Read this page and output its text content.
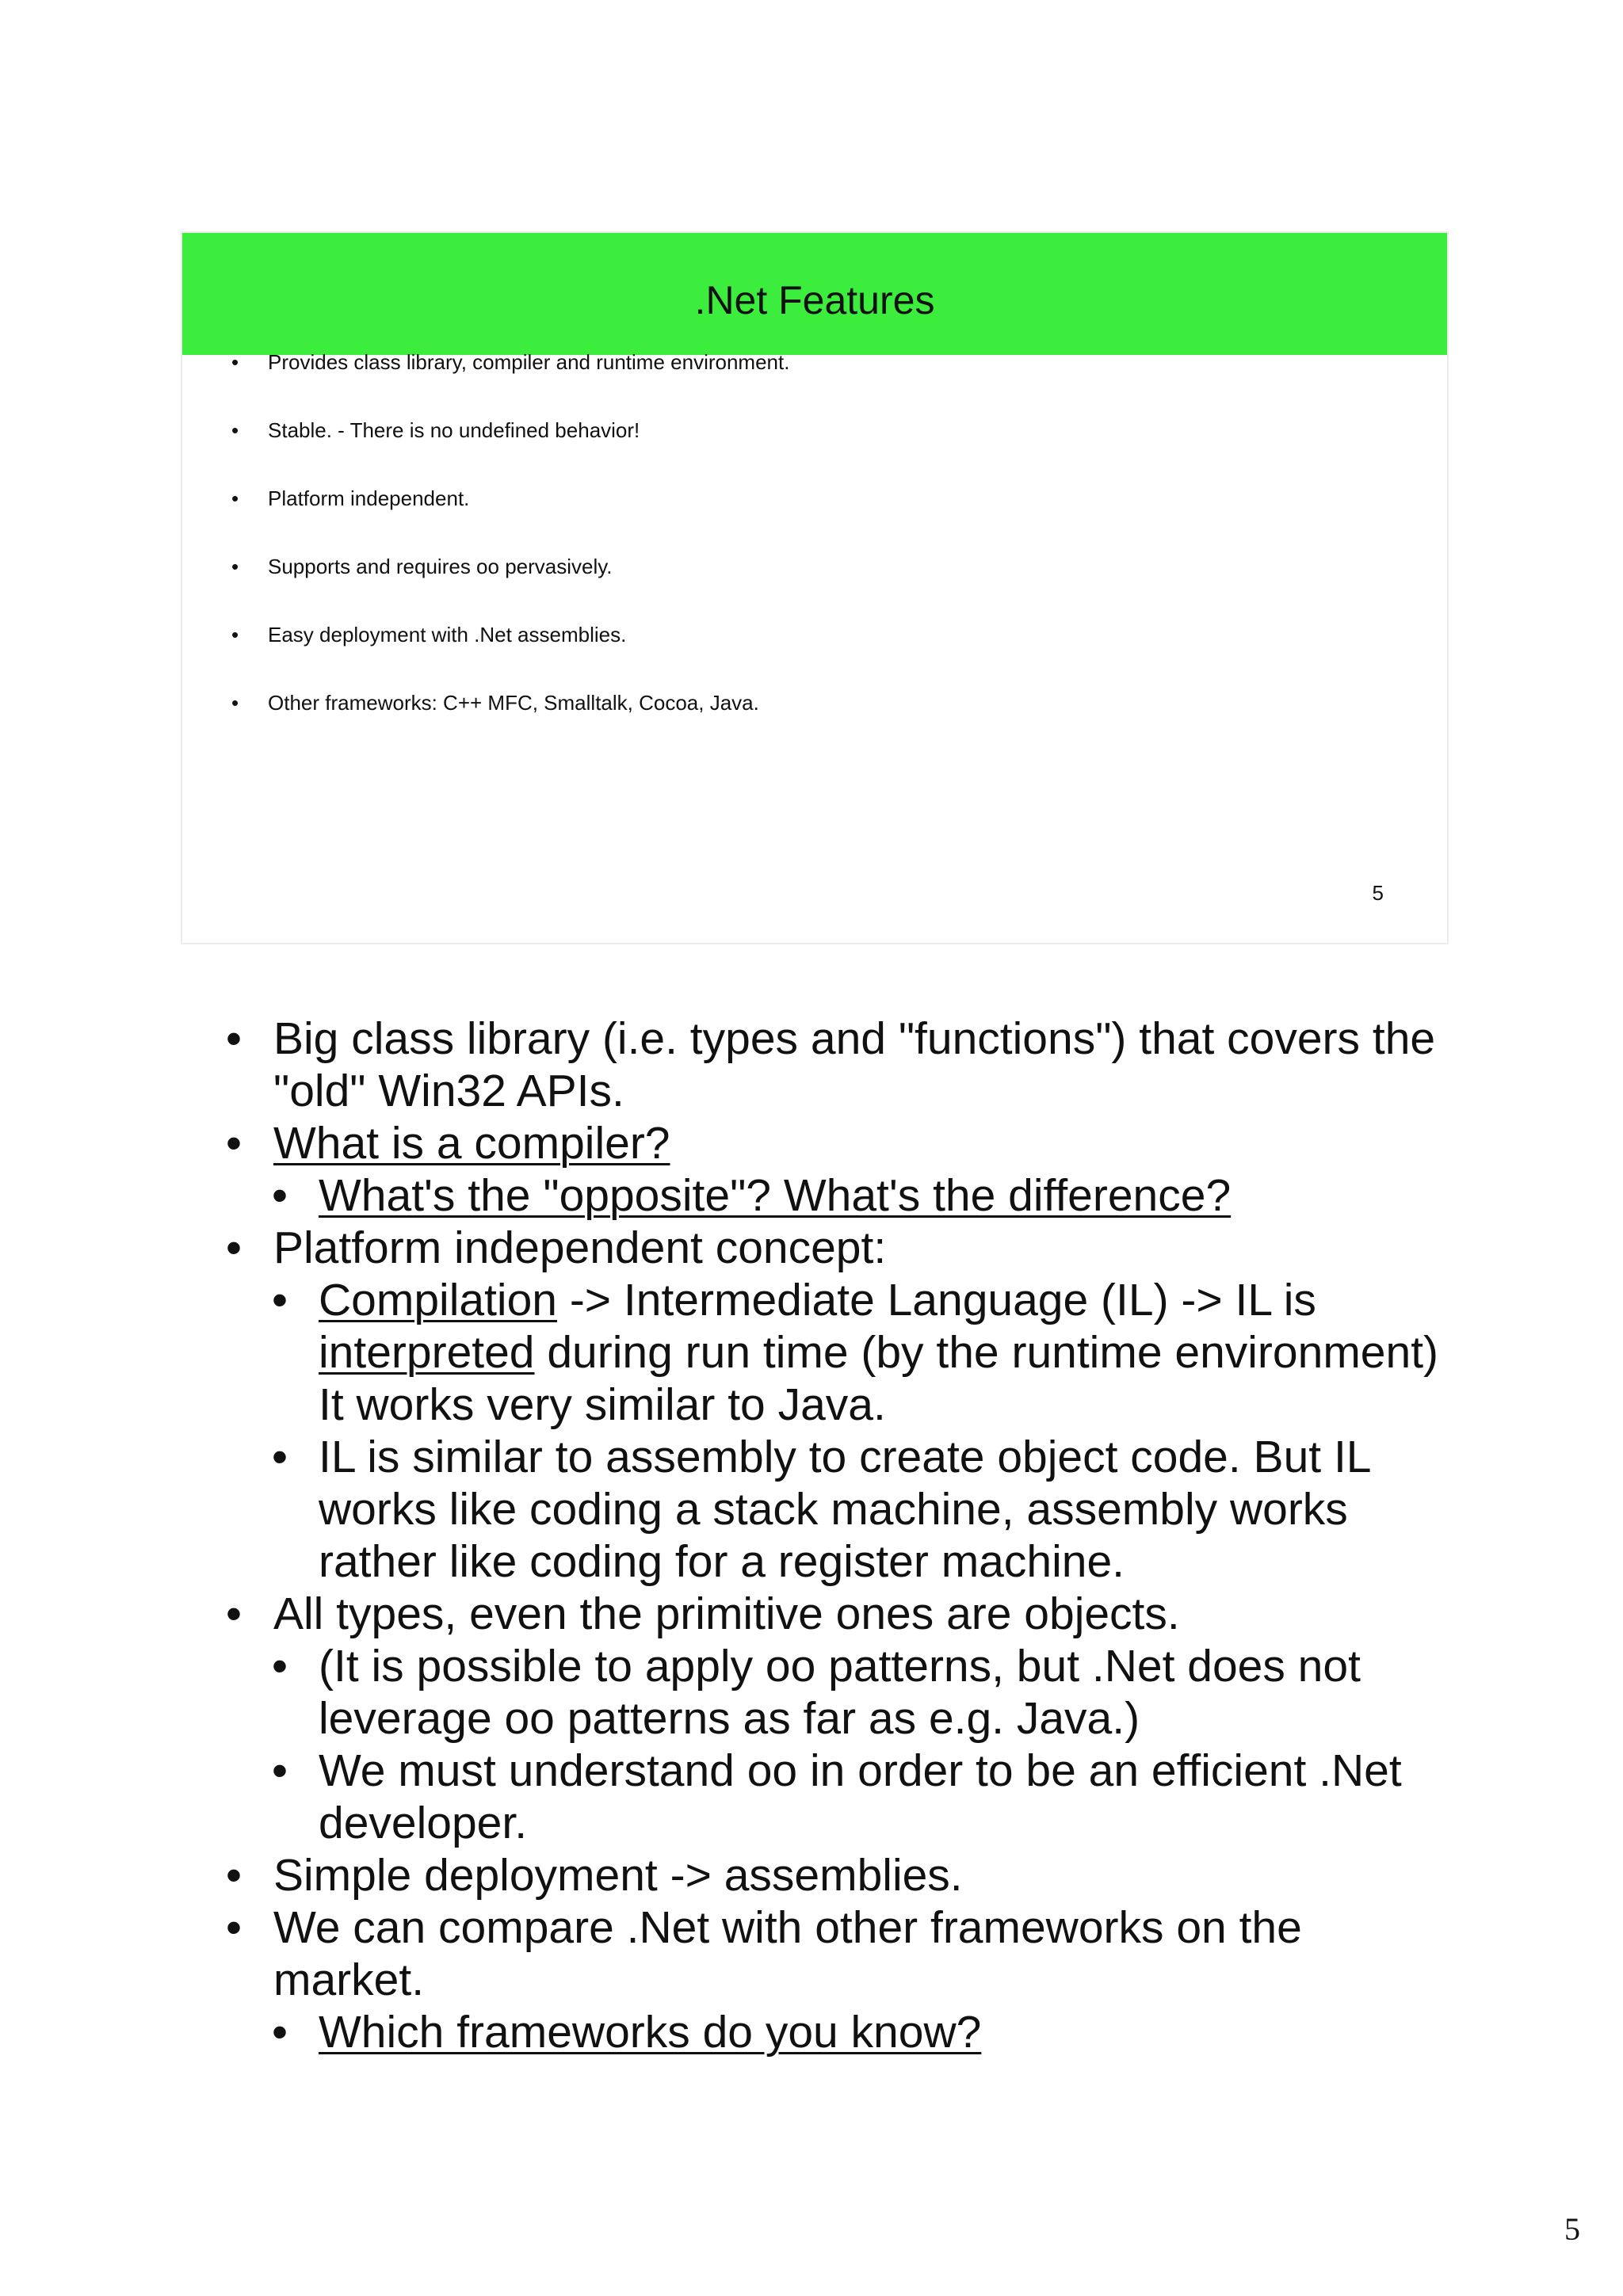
.Net Features
• Provides class library, compiler and runtime environment.
• Stable. - There is no undefined behavior!
• Platform independent.
• Supports and requires oo pervasively.
• Easy deployment with .Net assemblies.
• Other frameworks: C++ MFC, Smalltalk, Cocoa, Java.
5
• Big class library (i.e. types and "functions") that covers the "old" Win32 APIs.
• What is a compiler?
• What's the "opposite"? What's the difference?
• Platform independent concept:
• Compilation -> Intermediate Language (IL) -> IL is interpreted during run time (by the runtime environment) It works very similar to Java.
• IL is similar to assembly to create object code. But IL works like coding a stack machine, assembly works rather like coding for a register machine.
• All types, even the primitive ones are objects.
• (It is possible to apply oo patterns, but .Net does not leverage oo patterns as far as e.g. Java.)
• We must understand oo in order to be an efficient .Net developer.
• Simple deployment -> assemblies.
• We can compare .Net with other frameworks on the market.
• Which frameworks do you know?
5
